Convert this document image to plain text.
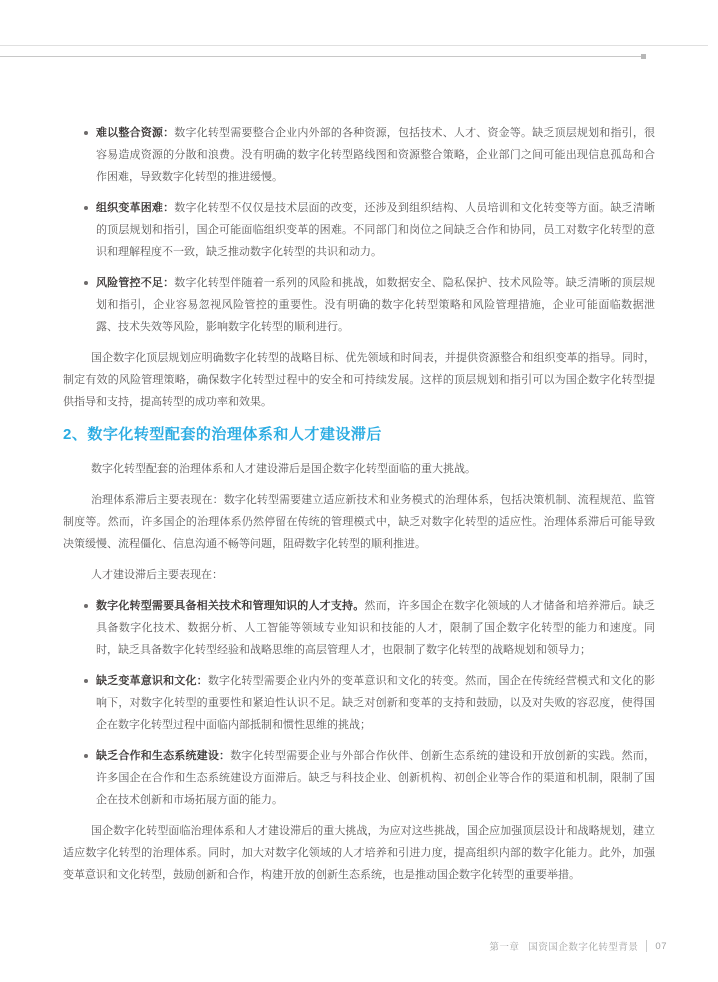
难以整合资源：数字化转型需要整合企业内外部的各种资源，包括技术、人才、资金等。缺乏顶层规划和指引，很容易造成资源的分散和浪费。没有明确的数字化转型路线图和资源整合策略，企业部门之间可能出现信息孤岛和合作困难，导致数字化转型的推进缓慢。
组织变革困难：数字化转型不仅仅是技术层面的改变，还涉及到组织结构、人员培训和文化转变等方面。缺乏清晰的顶层规划和指引，国企可能面临组织变革的困难。不同部门和岗位之间缺乏合作和协同，员工对数字化转型的意识和理解程度不一致，缺乏推动数字化转型的共识和动力。
风险管控不足：数字化转型伴随着一系列的风险和挑战，如数据安全、隐私保护、技术风险等。缺乏清晰的顶层规划和指引，企业容易忽视风险管控的重要性。没有明确的数字化转型策略和风险管理措施，企业可能面临数据泄露、技术失效等风险，影响数字化转型的顺利进行。

国企数字化顶层规划应明确数字化转型的战略目标、优先领域和时间表，并提供资源整合和组织变革的指导。同时，制定有效的风险管理策略，确保数字化转型过程中的安全和可持续发展。这样的顶层规划和指引可以为国企数字化转型提供指导和支持，提高转型的成功率和效果。

2、数字化转型配套的治理体系和人才建设滞后

数字化转型配套的治理体系和人才建设滞后是国企数字化转型面临的重大挑战。

治理体系滞后主要表现在：数字化转型需要建立适应新技术和业务模式的治理体系，包括决策机制、流程规范、监管制度等。然而，许多国企的治理体系仍然停留在传统的管理模式中，缺乏对数字化转型的适应性。治理体系滞后可能导致决策缓慢、流程僵化、信息沟通不畅等问题，阻碍数字化转型的顺利推进。

人才建设滞后主要表现在：

数字化转型需要具备相关技术和管理知识的人才支持。然而，许多国企在数字化领域的人才储备和培养滞后。缺乏具备数字化技术、数据分析、人工智能等领域专业知识和技能的人才，限制了国企数字化转型的能力和速度。同时，缺乏具备数字化转型经验和战略思维的高层管理人才，也限制了数字化转型的战略规划和领导力；
缺乏变革意识和文化：数字化转型需要企业内外的变革意识和文化的转变。然而，国企在传统经营模式和文化的影响下，对数字化转型的重要性和紧迫性认识不足。缺乏对创新和变革的支持和鼓励，以及对失败的容忍度，使得国企在数字化转型过程中面临内部抵制和惯性思维的挑战；
缺乏合作和生态系统建设：数字化转型需要企业与外部合作伙伴、创新生态系统的建设和开放创新的实践。然而，许多国企在合作和生态系统建设方面滞后。缺乏与科技企业、创新机构、初创企业等合作的渠道和机制，限制了国企在技术创新和市场拓展方面的能力。

国企数字化转型面临治理体系和人才建设滞后的重大挑战，为应对这些挑战，国企应加强顶层设计和战略规划，建立适应数字化转型的治理体系。同时，加大对数字化领域的人才培养和引进力度，提高组织内部的数字化能力。此外，加强变革意识和文化转型，鼓励创新和合作，构建开放的创新生态系统，也是推动国企数字化转型的重要举措。

第一章 国资国企数字化转型背景 07
